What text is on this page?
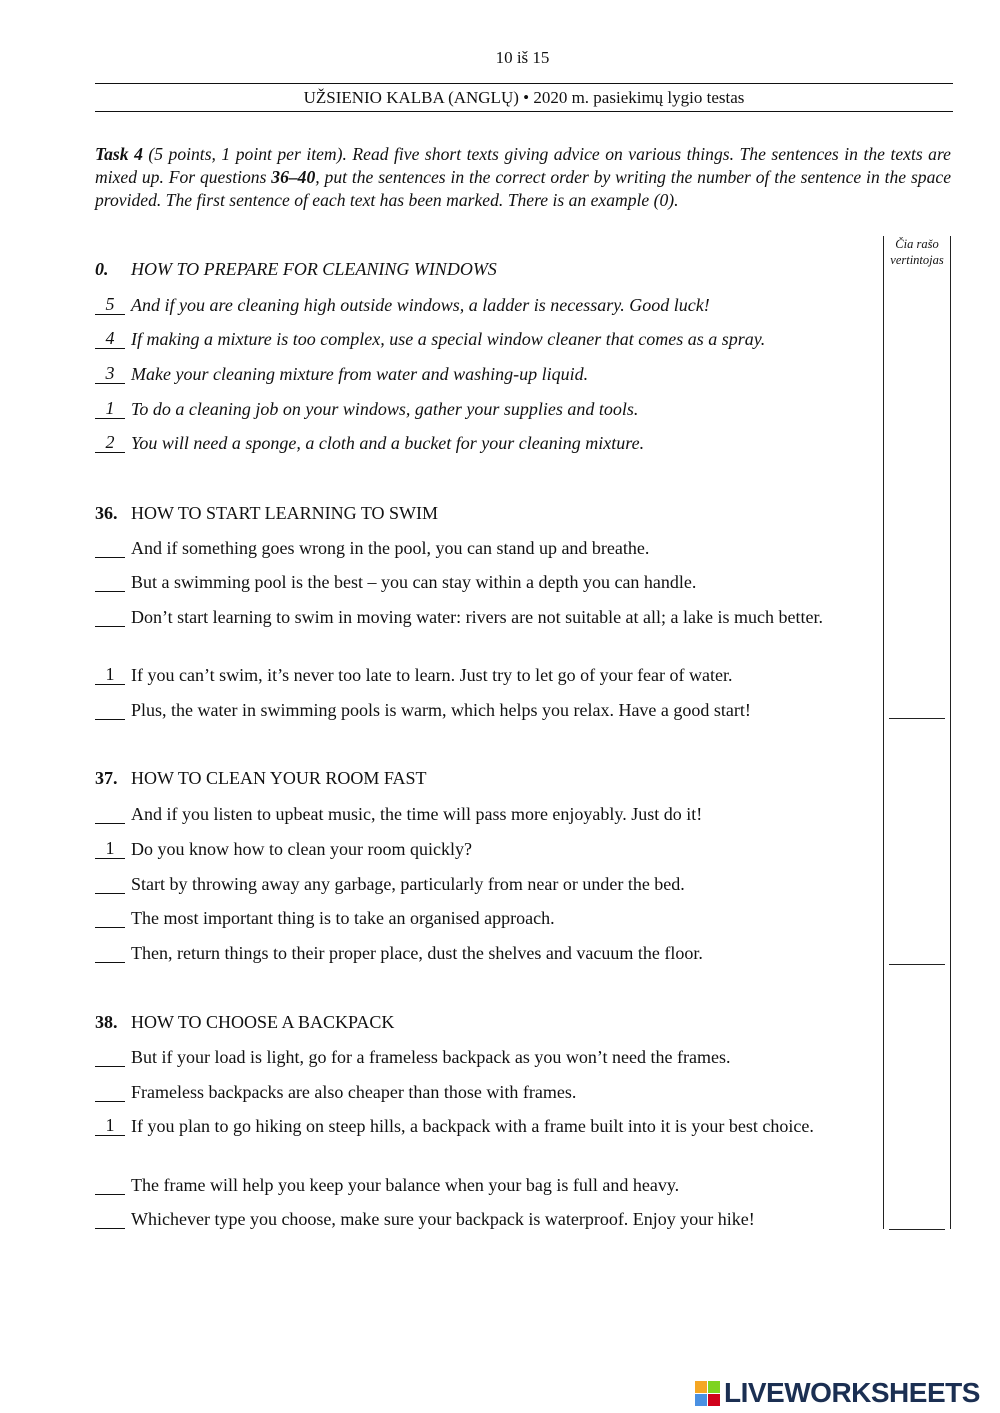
10 iš 15
UŽSIENIO KALBA (ANGLŲ) • 2020 m. pasiekimų lygio testas
Task 4 (5 points, 1 point per item). Read five short texts giving advice on various things. The sentences in the texts are mixed up. For questions 36–40, put the sentences in the correct order by writing the number of the sentence in the space provided. The first sentence of each text has been marked. There is an example (0).
Čia rašo vertintojas
0. HOW TO PREPARE FOR CLEANING WINDOWS
5 And if you are cleaning high outside windows, a ladder is necessary. Good luck!
4 If making a mixture is too complex, use a special window cleaner that comes as a spray.
3 Make your cleaning mixture from water and washing-up liquid.
1 To do a cleaning job on your windows, gather your supplies and tools.
2 You will need a sponge, a cloth and a bucket for your cleaning mixture.
36. HOW TO START LEARNING TO SWIM
And if something goes wrong in the pool, you can stand up and breathe.
But a swimming pool is the best – you can stay within a depth you can handle.
Don’t start learning to swim in moving water: rivers are not suitable at all; a lake is much better.
1 If you can’t swim, it’s never too late to learn. Just try to let go of your fear of water.
Plus, the water in swimming pools is warm, which helps you relax. Have a good start!
37. HOW TO CLEAN YOUR ROOM FAST
And if you listen to upbeat music, the time will pass more enjoyably. Just do it!
1 Do you know how to clean your room quickly?
Start by throwing away any garbage, particularly from near or under the bed.
The most important thing is to take an organised approach.
Then, return things to their proper place, dust the shelves and vacuum the floor.
38. HOW TO CHOOSE A BACKPACK
But if your load is light, go for a frameless backpack as you won’t need the frames.
Frameless backpacks are also cheaper than those with frames.
1 If you plan to go hiking on steep hills, a backpack with a frame built into it is your best choice.
The frame will help you keep your balance when your bag is full and heavy.
Whichever type you choose, make sure your backpack is waterproof. Enjoy your hike!
LIVEWORKSHEETS
